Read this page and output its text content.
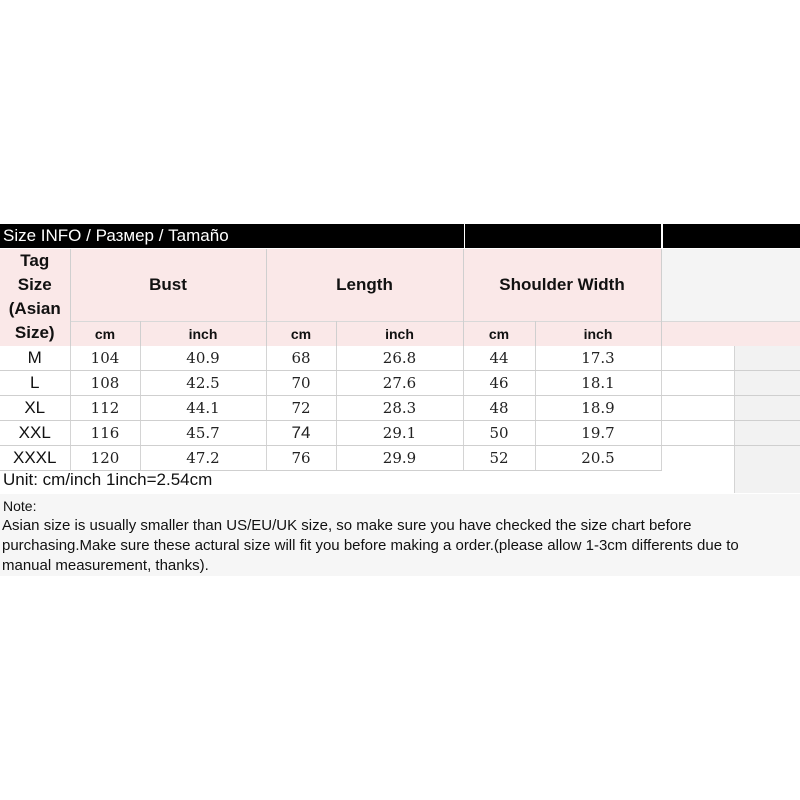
Size INFO / Размер / Tamaño
Tag
Size
(Asian
Size)	Bust		Length		Shoulder Width			
	cm	inch	cm	inch	cm	inch		
M	104	40.9	68	26.8	44	17.3		
L	108	42.5	70	27.6	46	18.1		
XL	112	44.1	72	28.3	48	18.9		
XXL	116	45.7	74	29.1	50	19.7		
XXXL	120	47.2	76	29.9	52	20.5		
Unit: cm/inch 1inch=2.54cm
Note:
Asian size is usually smaller than US/EU/UK size, so make sure you have checked the size chart before purchasing.Make sure these actural size will fit you before making a order.(please allow 1-3cm differents due to manual measurement, thanks).
